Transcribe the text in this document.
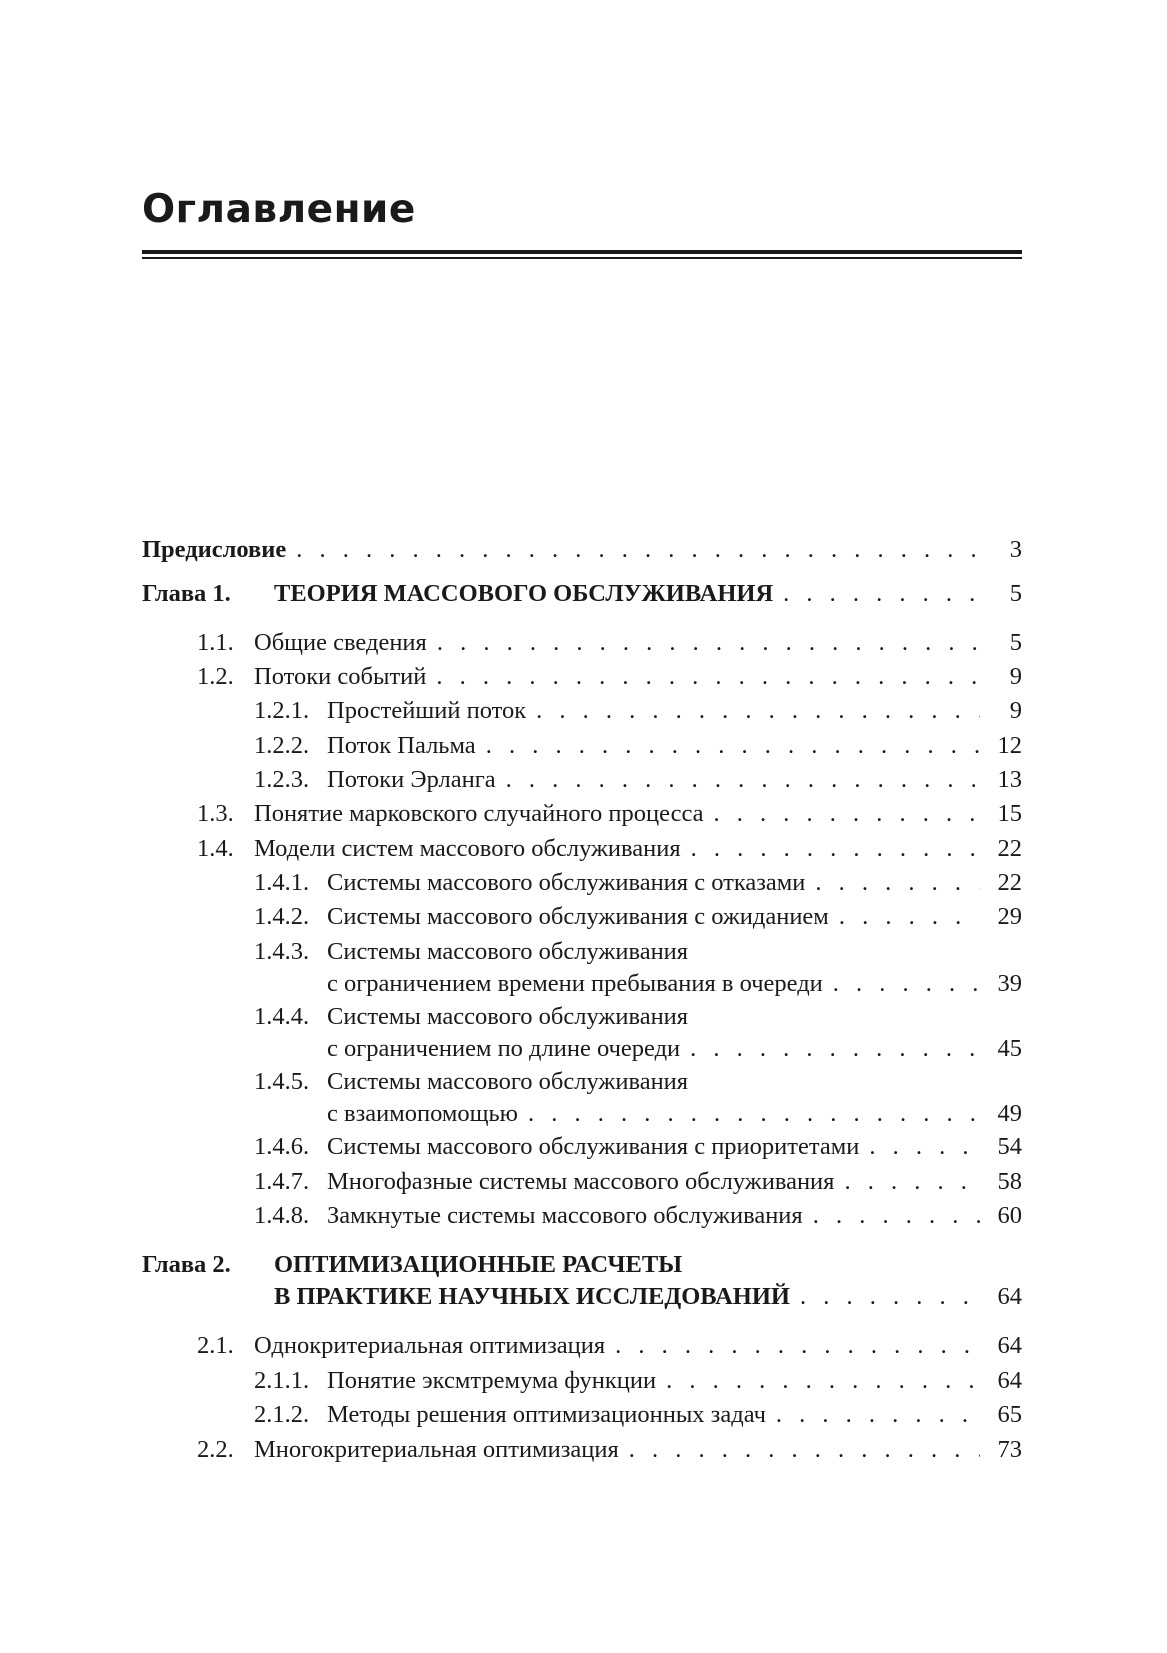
Оглавление
Предисловие . . .	3
Глава 1. ТЕОРИЯ МАССОВОГО ОБСЛУЖИВАНИЯ . . .	5
1.1. Общие сведения . . .	5
1.2. Потоки событий . . .	9
1.2.1. Простейший поток . . .	9
1.2.2. Поток Пальма . . .	12
1.2.3. Потоки Эрланга . . .	13
1.3. Понятие марковского случайного процесса . . .	15
1.4. Модели систем массового обслуживания . . .	22
1.4.1. Системы массового обслуживания с отказами . . .	22
1.4.2. Системы массового обслуживания с ожиданием . . .	29
1.4.3. Системы массового обслуживания
с ограничением времени пребывания в очереди . . .	39
1.4.4. Системы массового обслуживания
с ограничением по длине очереди . . .	45
1.4.5. Системы массового обслуживания
с взаимопомощью . . .	49
1.4.6. Системы массового обслуживания с приоритетами . . .	54
1.4.7. Многофазные системы массового обслуживания . . .	58
1.4.8. Замкнутые системы массового обслуживания . . .	60
Глава 2. ОПТИМИЗАЦИОННЫЕ РАСЧЕТЫ
В ПРАКТИКЕ НАУЧНЫХ ИССЛЕДОВАНИЙ . . .	64
2.1. Однокритериальная оптимизация . . .	64
2.1.1. Понятие эксмтремума функции . . .	64
2.1.2. Методы решения оптимизационных задач . . .	65
2.2. Многокритериальная оптимизация . . .	73
